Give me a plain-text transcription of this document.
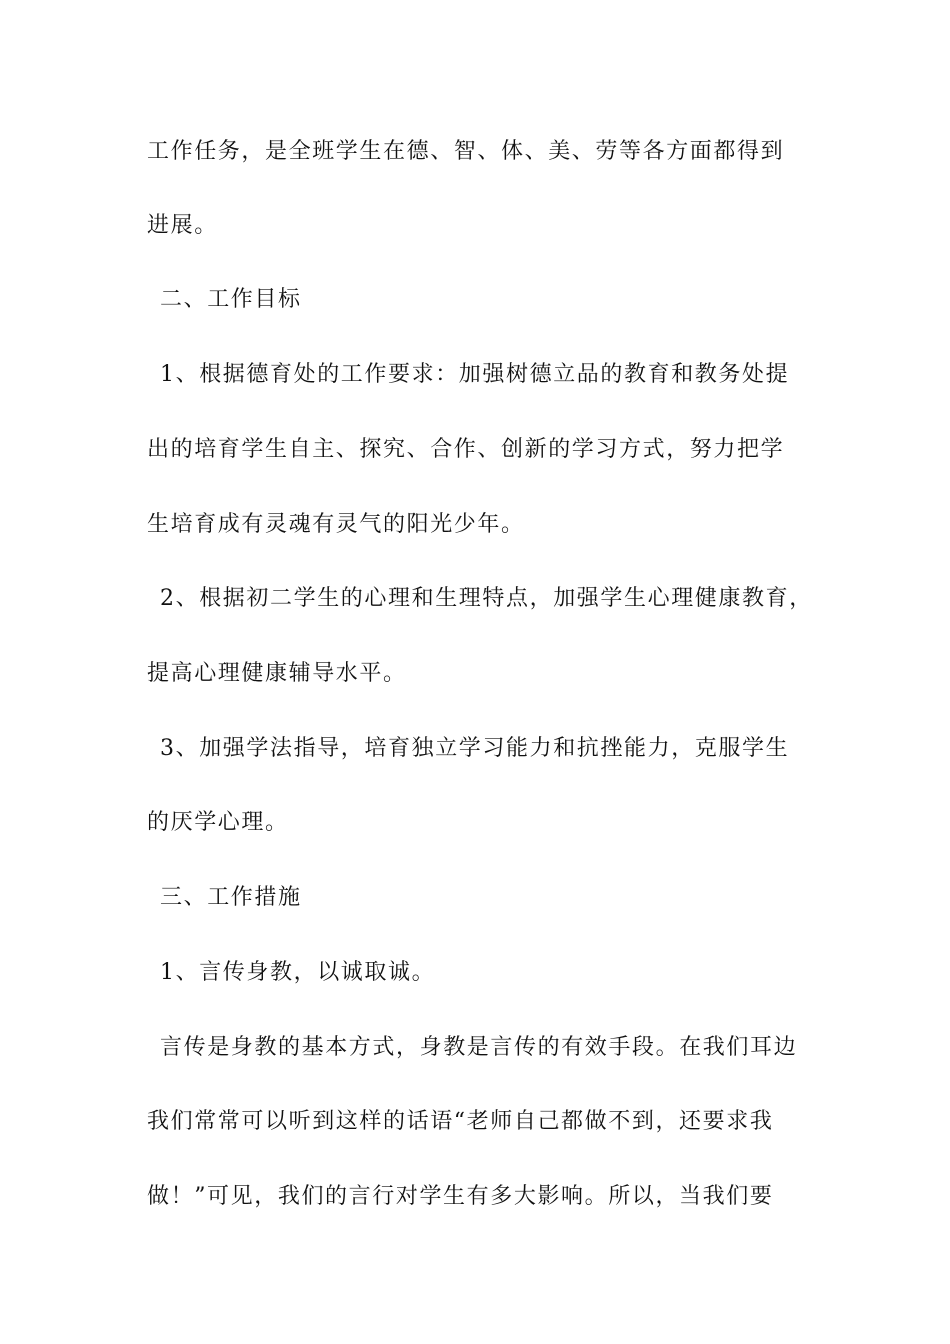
工作任务，是全班学生在德、智、体、美、劳等各方面都得到
进展。
二、工作目标
1、根据德育处的工作要求：加强树德立品的教育和教务处提
出的培育学生自主、探究、合作、创新的学习方式，努力把学
生培育成有灵魂有灵气的阳光少年。
2、根据初二学生的心理和生理特点，加强学生心理健康教育，
提高心理健康辅导水平。
3、加强学法指导，培育独立学习能力和抗挫能力，克服学生
的厌学心理。
三、工作措施
1、言传身教，以诚取诚。
言传是身教的基本方式，身教是言传的有效手段。在我们耳边
我们常常可以听到这样的话语“老师自己都做不到，还要求我
做！”可见，我们的言行对学生有多大影响。所以，当我们要
